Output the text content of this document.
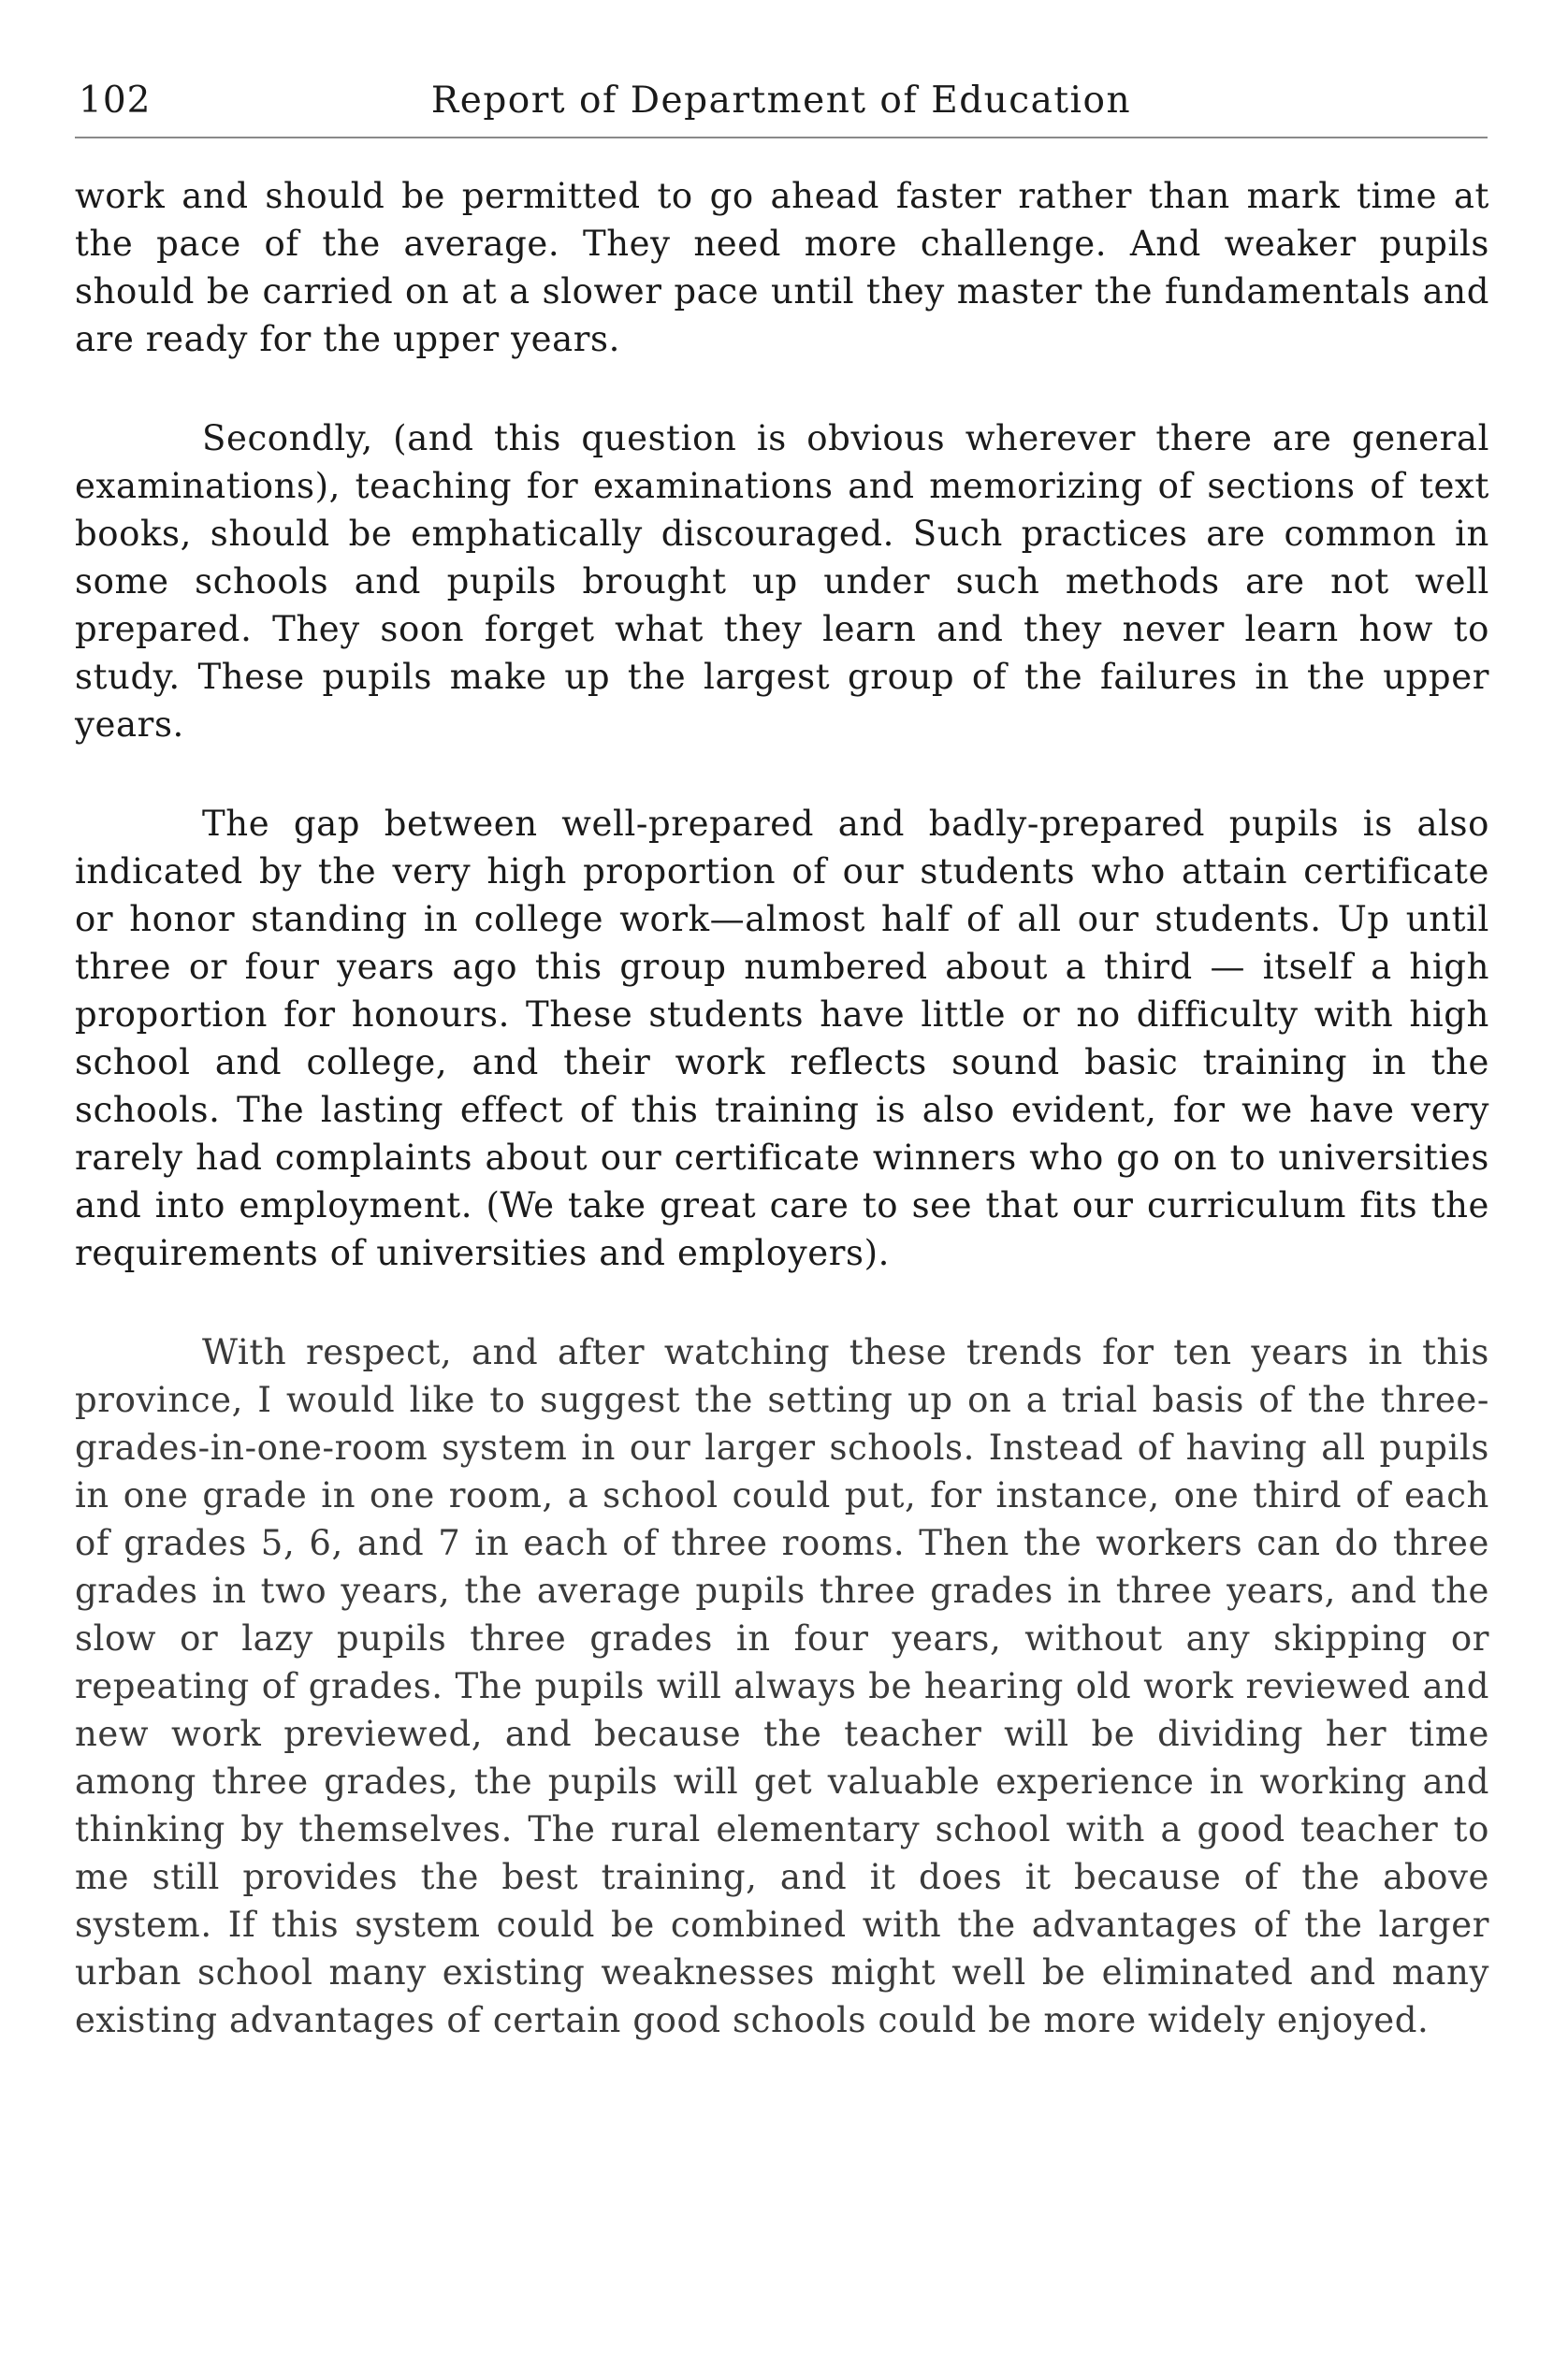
102	Report of Department of Education

work and should be permitted to go ahead faster rather than mark time at the pace of the average. They need more challenge. And weaker pupils should be carried on at a slower pace until they master the fundamentals and are ready for the upper years.

Secondly, (and this question is obvious wherever there are general examinations), teaching for examinations and memorizing of sections of text books, should be emphatically discouraged. Such practices are common in some schools and pupils brought up under such methods are not well prepared. They soon forget what they learn and they never learn how to study. These pupils make up the largest group of the failures in the upper years.

The gap between well-prepared and badly-prepared pupils is also indicated by the very high proportion of our students who attain certificate or honor standing in college work—almost half of all our students. Up until three or four years ago this group numbered about a third — itself a high proportion for honours. These students have little or no difficulty with high school and college, and their work reflects sound basic training in the schools. The lasting effect of this training is also evident, for we have very rarely had complaints about our certificate winners who go on to universities and into employment. (We take great care to see that our curriculum fits the requirements of universities and employers).

With respect, and after watching these trends for ten years in this province, I would like to suggest the setting up on a trial basis of the three-grades-in-one-room system in our larger schools. Instead of having all pupils in one grade in one room, a school could put, for instance, one third of each of grades 5, 6, and 7 in each of three rooms. Then the workers can do three grades in two years, the average pupils three grades in three years, and the slow or lazy pupils three grades in four years, without any skipping or repeating of grades. The pupils will always be hearing old work reviewed and new work previewed, and because the teacher will be dividing her time among three grades, the pupils will get valuable experience in working and thinking by themselves. The rural elementary school with a good teacher to me still provides the best training, and it does it because of the above system. If this system could be combined with the advantages of the larger urban school many existing weaknesses might well be eliminated and many existing advantages of certain good schools could be more widely enjoyed.
